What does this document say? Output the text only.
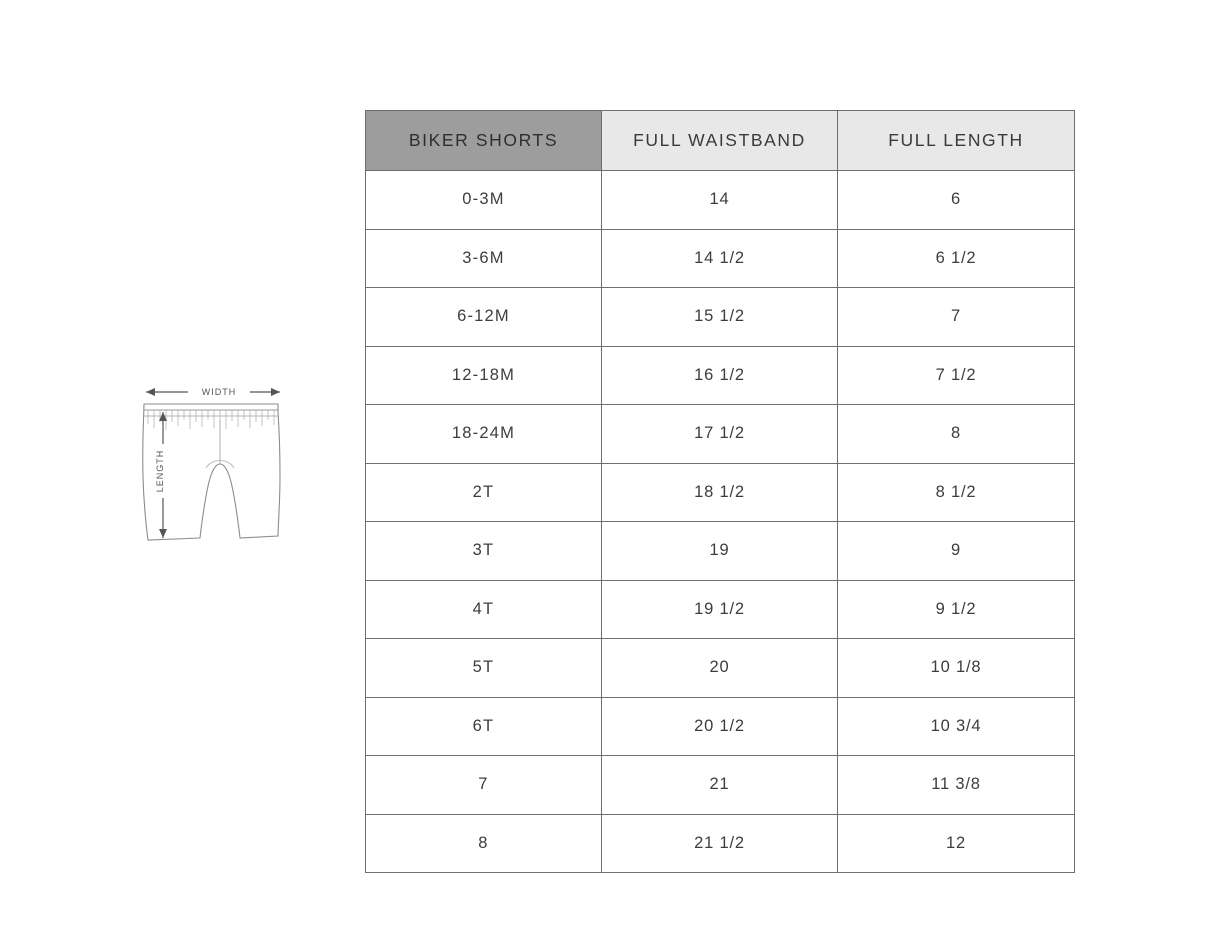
WIDTH
LENGTH
BIKER SHORTS	FULL WAISTBAND	FULL LENGTH
0-3M	14	6
3-6M	14 1/2	6 1/2
6-12M	15 1/2	7
12-18M	16 1/2	7 1/2
18-24M	17 1/2	8
2T	18 1/2	8 1/2
3T	19	9
4T	19 1/2	9 1/2
5T	20	10 1/8
6T	20 1/2	10 3/4
7	21	11 3/8
8	21 1/2	12
